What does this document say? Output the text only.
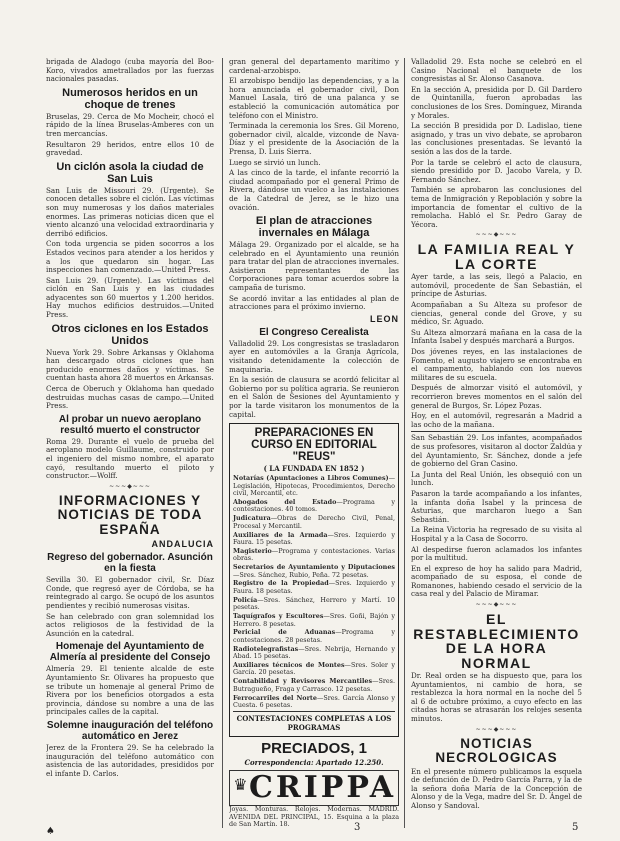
brigada de Aladogo (cuba mayoría del Boo-Koro, vivados ametrallados por las fuerzas nacionales pasadas.

Numerosos heridos en un choque de trenes

Bruselas, 29. Cerca de Mo Mocheir, chocó el rápido de la línea Bruselas-Amberes con un tren mercancías.

Resultaron 29 heridos, entre ellos 10 de gravedad.

Un ciclón asola la ciudad de San Luis

San Luis de Missouri 29. (Urgente). Se conocen detalles sobre el ciclón. Las víctimas son muy numerosas y los daños materiales enormes. Las primeras noticias dicen que el viento alcanzó una velocidad extraordinaria y derribó edificios.

Con toda urgencia se piden socorros a los Estados vecinos para atender a los heridos y a los que quedaron sin hogar. Las inspecciones han comenzado.—United Press.

San Luis 29. (Urgente). Las víctimas del ciclón en San Luis y en las ciudades adyacentes son 60 muertos y 1.200 heridos. Hay muchos edificios destruidos.—United Press.

Otros ciclones en los Estados Unidos

Nueva York 29. Sobre Arkansas y Oklahoma han descargado otros ciclones que han producido enormes daños y víctimas. Se cuentan hasta ahora 28 muertos en Arkansas.

Cerca de Oberuch y Oklahoma han quedado destruidas muchas casas de campo.—United Press.

Al probar un nuevo aeroplano resultó muerto el constructor

Roma 29. Durante el vuelo de prueba del aeroplano modelo Guillaume, construido por el ingeniero del mismo nombre, el aparato cayó, resultando muerto el piloto y constructor.—Wolff.

~~~◆~~~
INFORMACIONES Y NOTICIAS DE TODA ESPAÑA
ANDALUCIA
Regreso del gobernador. Asunción en la fiesta

Sevilla 30. El gobernador civil, Sr. Díaz Conde, que regresó ayer de Córdoba, se ha reintegrado al cargo. Se ocupó de los asuntos pendientes y recibió numerosas visitas.

Se han celebrado con gran solemnidad los actos religiosos de la festividad de la Asunción en la catedral.

Homenaje del Ayuntamiento de Almería al presidente del Consejo

Almería 29. El teniente alcalde de este Ayuntamiento Sr. Olivares ha propuesto que se tribute un homenaje al general Primo de Rivera por los beneficios otorgados a esta provincia, dándose su nombre a una de las principales calles de la capital.

Solemne inauguración del teléfono automático en Jerez

Jerez de la Frontera 29. Se ha celebrado la inauguración del teléfono automático con asistencia de las autoridades, presididos por el infante D. Carlos.

gran general del departamento marítimo y cardenal-arzobispo.

El arzobispo bendijo las dependencias, y a la hora anunciada el gobernador civil, Don Manuel Lasala, tiró de una palanca y se estableció la comunicación automática por teléfono con el Ministro.

Terminada la ceremonia los Sres. Gil Moreno, gobernador civil, alcalde, vizconde de Nava-Díaz y el presidente de la Asociación de la Prensa, D. Luis Sierra.

Luego se sirvió un lunch.

A las cinco de la tarde, el infante recorrió la ciudad acompañado por el general Primo de Rivera, dándose un vuelco a las instalaciones de la Catedral de Jerez, se le hizo una ovación.

El plan de atracciones invernales en Málaga

Málaga 29. Organizado por el alcalde, se ha celebrado en el Ayuntamiento una reunión para tratar del plan de atracciones invernales. Asistieron representantes de las Corporaciones para tomar acuerdos sobre la campaña de turismo.

Se acordó invitar a las entidades al plan de atracciones para el próximo invierno.

LEON
El Congreso Cerealista

Valladolid 29. Los congresistas se trasladaron ayer en automóviles a la Granja Agrícola, visitando detenidamente la colección de maquinaria.

En la sesión de clausura se acordó felicitar al Gobierno por su política agraria. Se reunieron en el Salón de Sesiones del Ayuntamiento y por la tarde visitaron los monumentos de la capital.

PREPARACIONES EN CURSO EN EDITORIAL "REUS"
( LA FUNDADA EN 1852 )

Notarías (Apuntaciones a Libros Comunes)—Legislación, Hipotecas, Procedimientos, Derecho civil, Mercantil, etc.

Abogados del Estado—Programa y contestaciones. 40 tomos.

Judicatura—Obras de Derecho Civil, Penal, Procesal y Mercantil.

Auxiliares de la Armada—Sres. Izquierdo y Faura. 15 pesetas.

Magisterio—Programa y contestaciones. Varias obras.

Secretarios de Ayuntamiento y Diputaciones—Sres. Sánchez, Rubio, Peña. 72 pesetas.

Registro de la Propiedad—Sres. Izquierdo y Faura. 18 pesetas.

Policía—Sres. Sánchez, Herrero y Martí. 10 pesetas.

Taquígrafos y Escultores—Sres. Goñi, Bajón y Herrero. 8 pesetas.

Pericial de Aduanas—Programa y contestaciones. 28 pesetas.

Radiotelegrafistas—Sres. Nebrija, Hernando y Abad. 15 pesetas.

Auxiliares técnicos de Montes—Sres. Soler y García. 20 pesetas.

Contabilidad y Revisores Mercantiles—Sres. Butragueño, Fraga y Carrasco. 12 pesetas.

Ferrocarriles del Norte—Sres. García Alonso y Cuesta. 6 pesetas.

CONTESTACIONES COMPLETAS A LOS PROGRAMAS
PRECIADOS, 1
Correspondencia: Apartado 12.250.
♛ CRIPPA
Joyas. Monturas. Relojes. Modernas. MADRID. AVENIDA DEL PRINCIPAL, 15. Esquina a la plaza de San Martín. 18.

Valladolid 29. Esta noche se celebró en el Casino Nacional el banquete de los congresistas al Sr. Alonso Casanova.

En la sección A, presidida por D. Gil Dardero de Quintanilla, fueron aprobadas las conclusiones de los Sres. Domínguez, Miranda y Morales.

La sección B presidida por D. Ladislao, tiene asignado, y tras un vivo debate, se aprobaron las conclusiones presentadas. Se levantó la sesión a las dos de la tarde.

Por la tarde se celebró el acto de clausura, siendo presidido por D. Jacobo Varela, y D. Fernando Sánchez.

También se aprobaron las conclusiones del tema de Inmigración y Repoblación y sobre la importancia de fomentar el cultivo de la remolacha. Habló el Sr. Pedro Garay de Yécora.

~~~◆~~~
LA FAMILIA REAL Y LA CORTE

Ayer tarde, a las seis, llegó a Palacio, en automóvil, procedente de San Sebastián, el príncipe de Asturias.

Acompañaban a Su Alteza su profesor de ciencias, general conde del Grove, y su médico, Sr. Aguado.

Su Alteza almorzará mañana en la casa de la Infanta Isabel y después marchará a Burgos.

Dos jóvenes reyes, en las instalaciones de Fomento, el augusto viajero se encontraba en el campamento, hablando con los nuevos militares de su escuela.

Después de almorzar visitó el automóvil, y recorrieron breves momentos en el salón del general de Burgos, Sr. López Pozas.

Hoy, en el automóvil, regresarán a Madrid a las ocho de la mañana.

San Sebastián 29. Los infantes, acompañados de sus profesores, visitaron al doctor Zaldúa y del Ayuntamiento, Sr. Sánchez, donde a jefe de gobierno del Gran Casino.

La Junta del Real Unión, les obsequió con un lunch.

Pasaron la tarde acompañando a los infantes, la infanta doña Isabel y la princesa de Asturias, que marcharon luego a San Sebastián.

La Reina Victoria ha regresado de su visita al Hospital y a la Casa de Socorro.

Al despedirse fueron aclamados los infantes por la multitud.

En el expreso de hoy ha salido para Madrid, acompañado de su esposa, el conde de Romanones, habiendo cesado el servicio de la casa real y del Palacio de Miramar.

~~~◆~~~
EL RESTABLECIMIENTO DE LA HORA NORMAL

Dr. Real orden se ha dispuesto que, para los Ayuntamientos, ni cambio de hora, se restablezca la hora normal en la noche del 5 al 6 de octubre próximo, a cuyo efecto en las citadas horas se atrasarán los relojes sesenta minutos.

~~~◆~~~
NOTICIAS NECROLOGICAS

En el presente número publicamos la esquela de defunción de D. Pedro García Parra, y la de la señora doña María de la Concepción de Alonso y de la Vega, madre del Sr. D. Ángel de Alonso y Sandoval.

♠	3	5
